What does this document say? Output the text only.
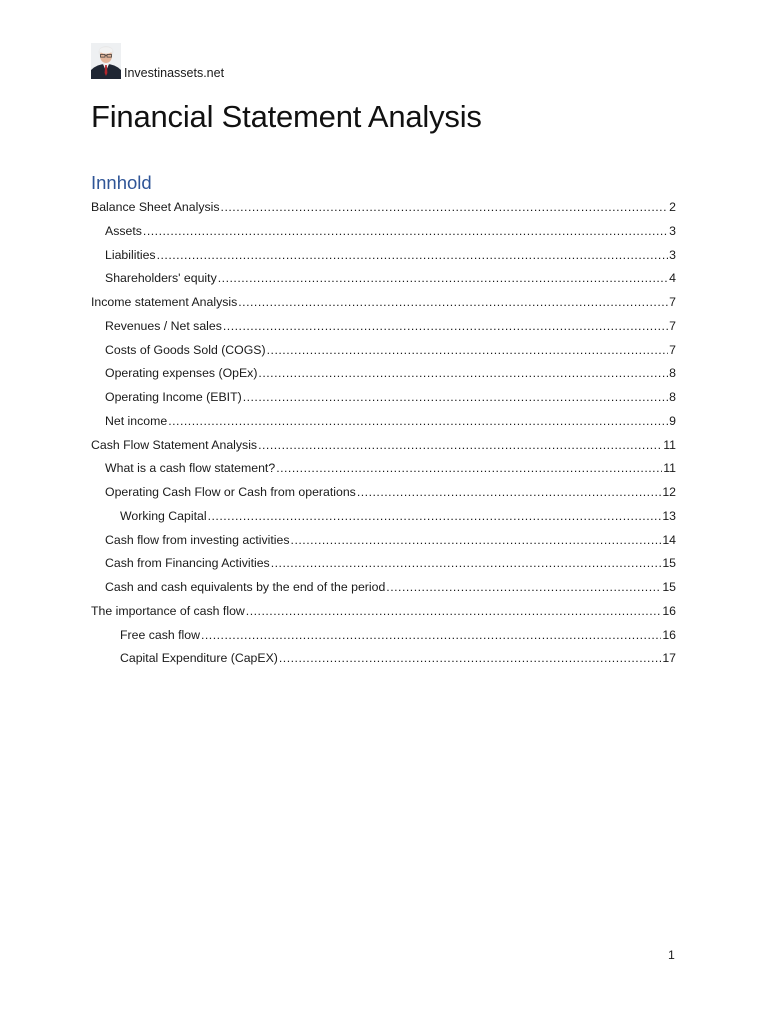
Investinassets.net
Financial Statement Analysis
Innhold
Balance Sheet Analysis .....	2
Assets .....	3
Liabilities .....	3
Shareholders' equity .....	4
Income statement Analysis .....	7
Revenues / Net sales .....	7
Costs of Goods Sold (COGS) .....	7
Operating expenses (OpEx) .....	8
Operating Income (EBIT) .....	8
Net income .....	9
Cash Flow Statement Analysis .....	11
What is a cash flow statement? .....	11
Operating Cash Flow or Cash from operations .....	12
Working Capital .....	13
Cash flow from investing activities .....	14
Cash from Financing Activities .....	15
Cash and cash equivalents by the end of the period .....	15
The importance of cash flow .....	16
Free cash flow .....	16
Capital Expenditure (CapEX) .....	17
1
